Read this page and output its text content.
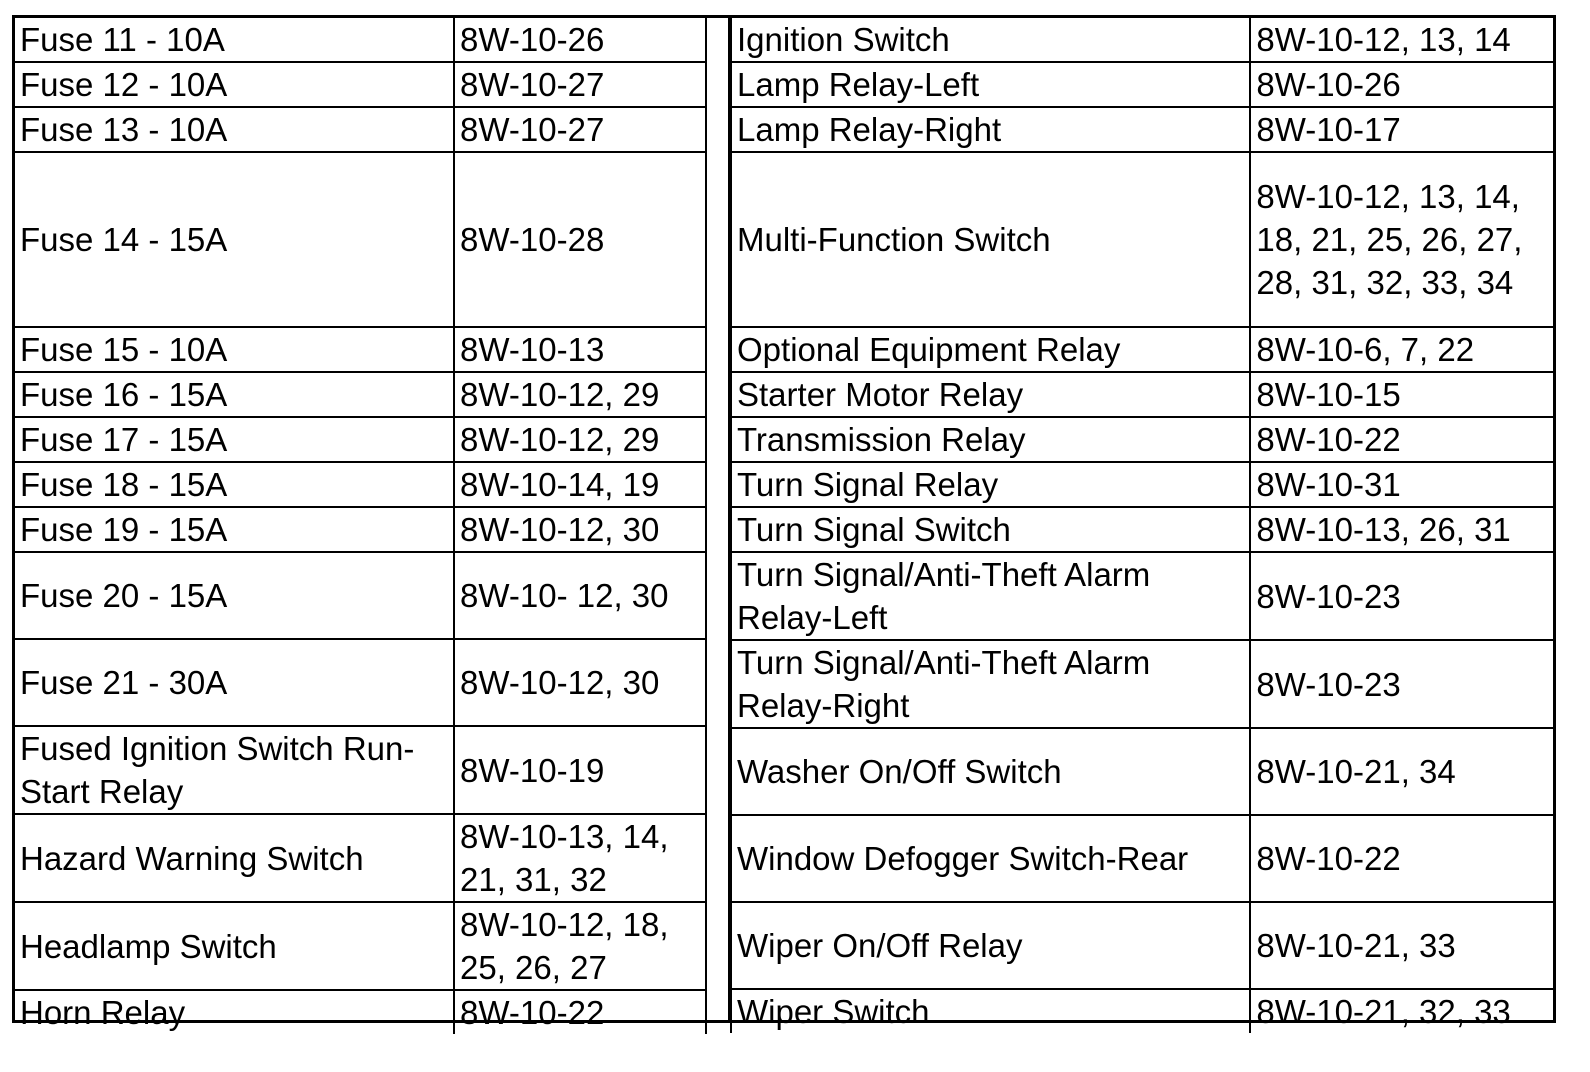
Fuse 11 - 10A	8W-10-26
Fuse 12 - 10A	8W-10-27
Fuse 13 - 10A	8W-10-27
Fuse 14 - 15A	8W-10-28
Fuse 15 - 10A	8W-10-13
Fuse 16 - 15A	8W-10-12, 29
Fuse 17 - 15A	8W-10-12, 29
Fuse 18 - 15A	8W-10-14, 19
Fuse 19 - 15A	8W-10-12, 30
Fuse 20 - 15A	8W-10- 12, 30
Fuse 21 - 30A	8W-10-12, 30
Fused Ignition Switch Run-Start Relay	8W-10-19
Hazard Warning Switch	8W-10-13, 14, 21, 31, 32
Headlamp Switch	8W-10-12, 18, 25, 26, 27
Horn Relay	8W-10-22
Ignition Switch	8W-10-12, 13, 14
Lamp Relay-Left	8W-10-26
Lamp Relay-Right	8W-10-17
Multi-Function Switch	8W-10-12, 13, 14, 18, 21, 25, 26, 27, 28, 31, 32, 33, 34
Optional Equipment Relay	8W-10-6, 7, 22
Starter Motor Relay	8W-10-15
Transmission Relay	8W-10-22
Turn Signal Relay	8W-10-31
Turn Signal Switch	8W-10-13, 26, 31
Turn Signal/Anti-Theft Alarm Relay-Left	8W-10-23
Turn Signal/Anti-Theft Alarm Relay-Right	8W-10-23
Washer On/Off Switch	8W-10-21, 34
Window Defogger Switch-Rear	8W-10-22
Wiper On/Off Relay	8W-10-21, 33
Wiper Switch	8W-10-21, 32, 33
